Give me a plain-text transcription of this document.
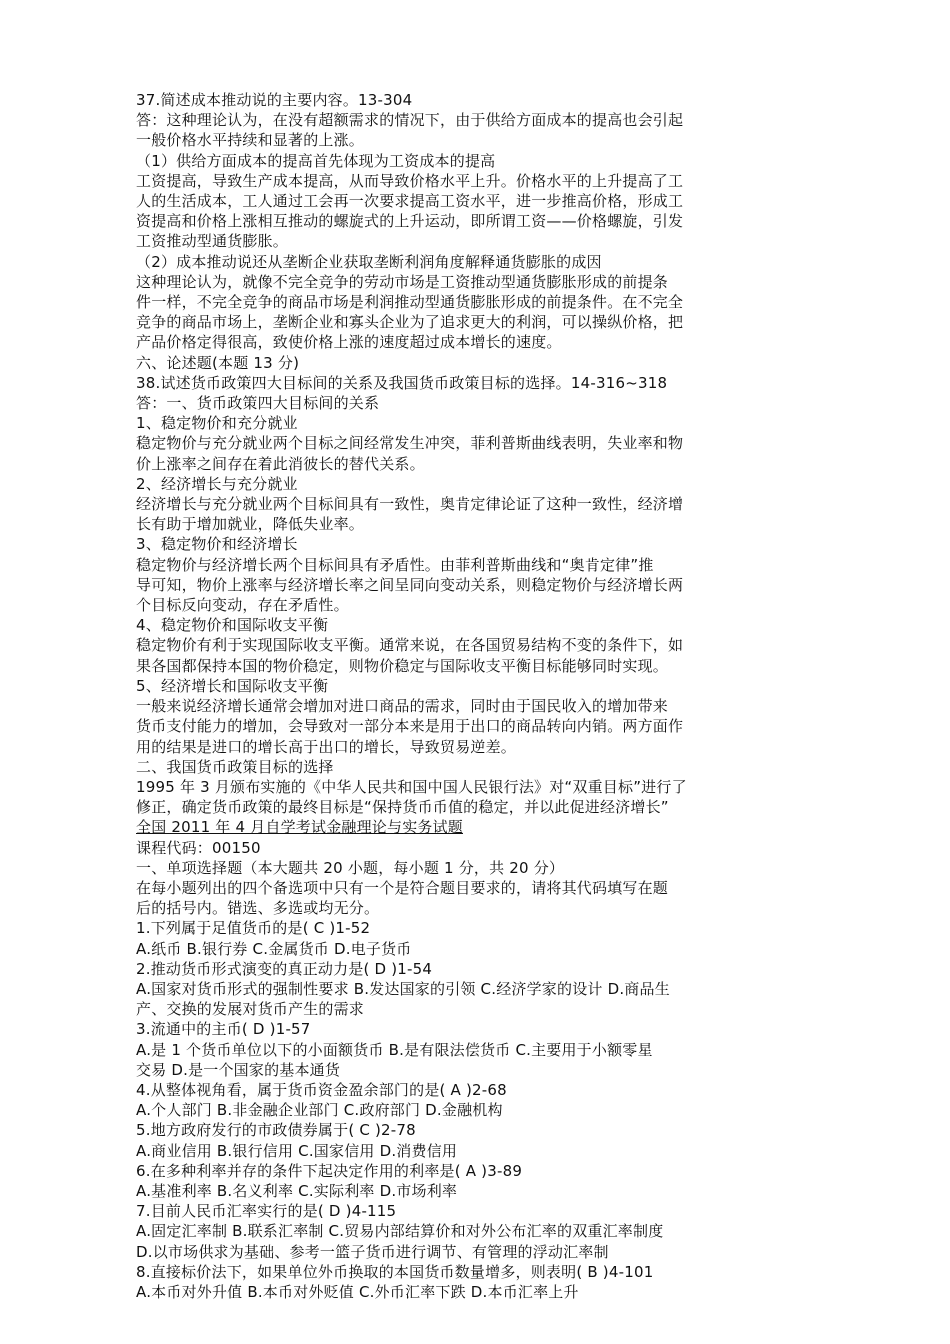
37.简述成本推动说的主要内容。13-304
答：这种理论认为，在没有超额需求的情况下，由于供给方面成本的提高也会引起
一般价格水平持续和显著的上涨。
（1）供给方面成本的提高首先体现为工资成本的提高
工资提高，导致生产成本提高，从而导致价格水平上升。价格水平的上升提高了工
人的生活成本，工人通过工会再一次要求提高工资水平，进一步推高价格，形成工
资提高和价格上涨相互推动的螺旋式的上升运动，即所谓工资——价格螺旋，引发
工资推动型通货膨胀。
（2）成本推动说还从垄断企业获取垄断利润角度解释通货膨胀的成因
这种理论认为，就像不完全竞争的劳动市场是工资推动型通货膨胀形成的前提条
件一样，不完全竞争的商品市场是利润推动型通货膨胀形成的前提条件。在不完全
竞争的商品市场上，垄断企业和寡头企业为了追求更大的利润，可以操纵价格，把
产品价格定得很高，致使价格上涨的速度超过成本增长的速度。
六、论述题(本题 13 分)
38.试述货币政策四大目标间的关系及我国货币政策目标的选择。14-316~318
答：一、货币政策四大目标间的关系
1、稳定物价和充分就业
稳定物价与充分就业两个目标之间经常发生冲突，菲利普斯曲线表明，失业率和物
价上涨率之间存在着此消彼长的替代关系。
2、经济增长与充分就业
经济增长与充分就业两个目标间具有一致性，奥肯定律论证了这种一致性，经济增
长有助于增加就业，降低失业率。
3、稳定物价和经济增长
稳定物价与经济增长两个目标间具有矛盾性。由菲利普斯曲线和“奥肯定律”推
导可知，物价上涨率与经济增长率之间呈同向变动关系，则稳定物价与经济增长两
个目标反向变动，存在矛盾性。
4、稳定物价和国际收支平衡
稳定物价有利于实现国际收支平衡。通常来说，在各国贸易结构不变的条件下，如
果各国都保持本国的物价稳定，则物价稳定与国际收支平衡目标能够同时实现。
5、经济增长和国际收支平衡
一般来说经济增长通常会增加对进口商品的需求，同时由于国民收入的增加带来
货币支付能力的增加，会导致对一部分本来是用于出口的商品转向内销。两方面作
用的结果是进口的增长高于出口的增长，导致贸易逆差。
二、我国货币政策目标的选择
1995 年 3 月颁布实施的《中华人民共和国中国人民银行法》对“双重目标”进行了
修正，确定货币政策的最终目标是“保持货币币值的稳定，并以此促进经济增长”
全国 2011 年 4 月自学考试金融理论与实务试题
课程代码：00150
一、单项选择题（本大题共 20 小题，每小题 1 分，共 20 分）
在每小题列出的四个备选项中只有一个是符合题目要求的，请将其代码填写在题
后的括号内。错选、多选或均无分。
1.下列属于足值货币的是( C )1-52
A.纸币 B.银行券 C.金属货币 D.电子货币
2.推动货币形式演变的真正动力是( D )1-54
A.国家对货币形式的强制性要求 B.发达国家的引领 C.经济学家的设计 D.商品生
产、交换的发展对货币产生的需求
3.流通中的主币( D )1-57
A.是 1 个货币单位以下的小面额货币 B.是有限法偿货币 C.主要用于小额零星
交易 D.是一个国家的基本通货
4.从整体视角看，属于货币资金盈余部门的是( A )2-68
A.个人部门 B.非金融企业部门 C.政府部门 D.金融机构
5.地方政府发行的市政债券属于( C )2-78
A.商业信用 B.银行信用 C.国家信用 D.消费信用
6.在多种利率并存的条件下起决定作用的利率是( A )3-89
A.基准利率 B.名义利率 C.实际利率 D.市场利率
7.目前人民币汇率实行的是( D )4-115
A.固定汇率制 B.联系汇率制 C.贸易内部结算价和对外公布汇率的双重汇率制度
D.以市场供求为基础、参考一篮子货币进行调节、有管理的浮动汇率制
8.直接标价法下，如果单位外币换取的本国货币数量增多，则表明( B )4-101
A.本币对外升值 B.本币对外贬值 C.外币汇率下跌 D.本币汇率上升
